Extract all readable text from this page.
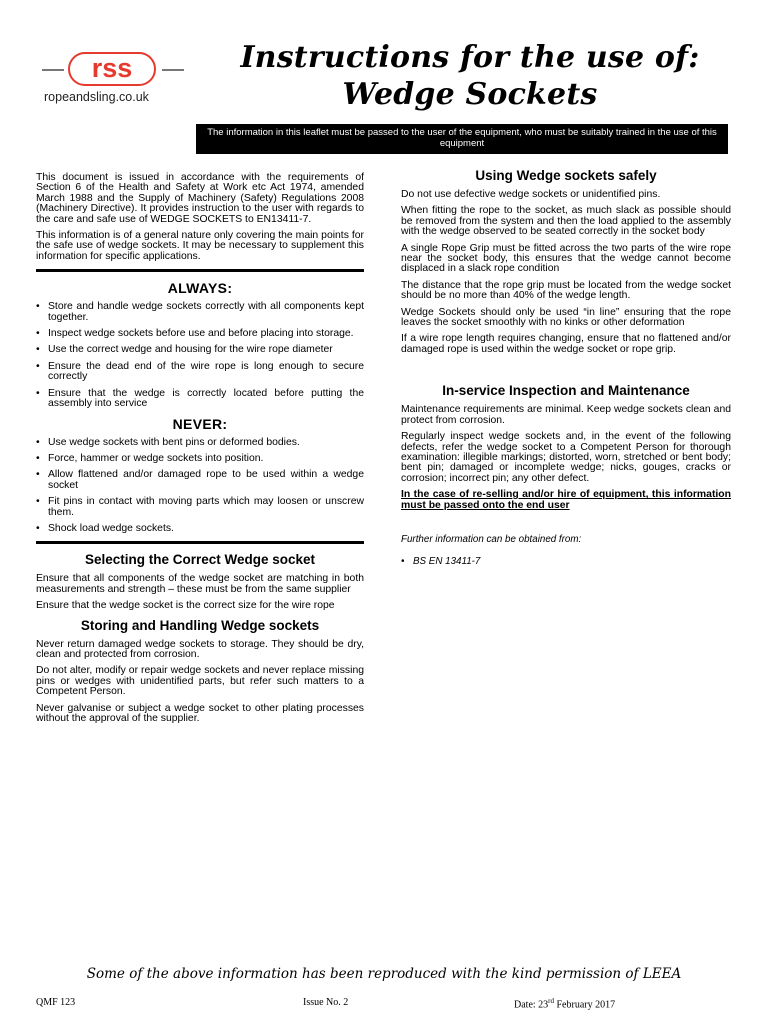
rss
ropeandsling.co.uk
Instructions for the use of:
Wedge Sockets
The information in this leaflet must be passed to the user of the equipment, who must be suitably trained in the use of this equipment

This document is issued in accordance with the requirements of Section 6 of the Health and Safety at Work etc Act 1974, amended March 1988 and the Supply of Machinery (Safety) Regulations 2008 (Machinery Directive). It provides instruction to the user with regards to the care and safe use of WEDGE SOCKETS to EN13411-7.

This information is of a general nature only covering the main points for the safe use of wedge sockets. It may be necessary to supplement this information for specific applications.

ALWAYS:
• Store and handle wedge sockets correctly with all components kept together.
• Inspect wedge sockets before use and before placing into storage.
• Use the correct wedge and housing for the wire rope diameter
• Ensure the dead end of the wire rope is long enough to secure correctly
• Ensure that the wedge is correctly located before putting the assembly into service
NEVER:
• Use wedge sockets with bent pins or deformed bodies.
• Force, hammer or wedge sockets into position.
• Allow flattened and/or damaged rope to be used within a wedge socket
• Fit pins in contact with moving parts which may loosen or unscrew them.
• Shock load wedge sockets.
Selecting the Correct Wedge socket

Ensure that all components of the wedge socket are matching in both measurements and strength – these must be from the same supplier

Ensure that the wedge socket is the correct size for the wire rope

Storing and Handling Wedge sockets

Never return damaged wedge sockets to storage. They should be dry, clean and protected from corrosion.

Do not alter, modify or repair wedge sockets and never replace missing pins or wedges with unidentified parts, but refer such matters to a Competent Person.

Never galvanise or subject a wedge socket to other plating processes without the approval of the supplier.

Using Wedge sockets safely

Do not use defective wedge sockets or unidentified pins.

When fitting the rope to the socket, as much slack as possible should be removed from the system and then the load applied to the assembly with the wedge observed to be seated correctly in the socket body

A single Rope Grip must be fitted across the two parts of the wire rope near the socket body, this ensures that the wedge cannot become displaced in a slack rope condition

The distance that the rope grip must be located from the wedge socket should be no more than 40% of the wedge length.

Wedge Sockets should only be used “in line” ensuring that the rope leaves the socket smoothly with no kinks or other deformation

If a wire rope length requires changing, ensure that no flattened and/or damaged rope is used within the wedge socket or rope grip.

In-service Inspection and Maintenance

Maintenance requirements are minimal. Keep wedge sockets clean and protect from corrosion.

Regularly inspect wedge sockets and, in the event of the following defects, refer the wedge socket to a Competent Person for thorough examination: illegible markings; distorted, worn, stretched or bent body; bent pin; damaged or incomplete wedge; nicks, gouges, cracks or corrosion; incorrect pin; any other defect.

In the case of re-selling and/or hire of equipment, this information must be passed onto the end user

Further information can be obtained from:

• BS EN 13411-7
Some of the above information has been reproduced with the kind permission of LEEA
QMF 123	Issue No. 2	Date: 23rd February 2017
